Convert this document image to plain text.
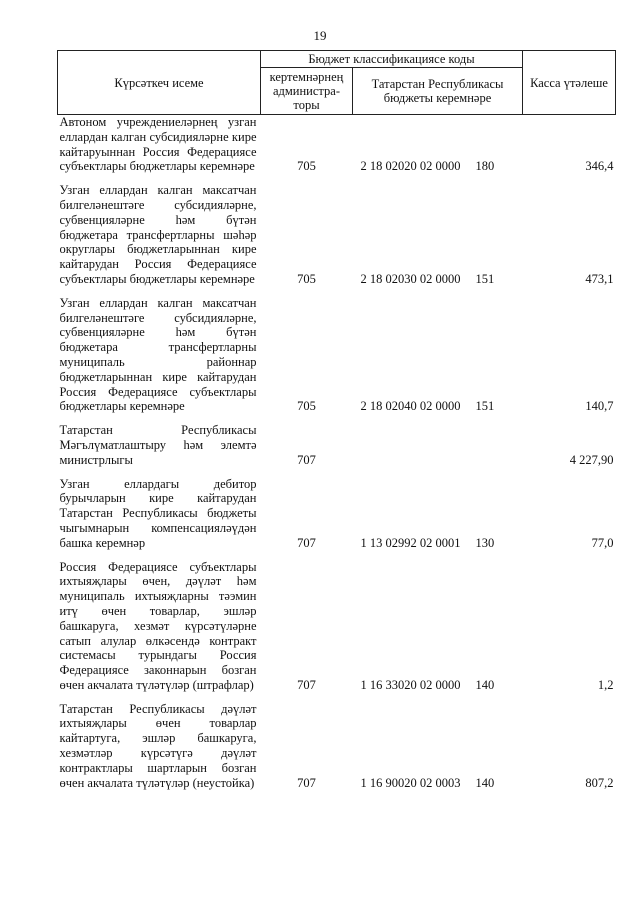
19
Күрсәткеч исеме	Бюджет классификациясе коды			Касса үтәлеше
	кертемнәрнең администра-торы	Татарстан Республикасы бюджеты керемнәре		
Автоном учреждениеләрнең узган еллардан калган субсидияләрне кире кайтаруыннан Россия Федерациясе субъектлары бюджетлары керемнәре	705	2 18 02020 02 0000	180	346,4
Узган еллардан калган максатчан билгеләнештәге субсидияләрне, субвенцияләрне һәм бүтән бюджетара трансфертларны шәһәр округлары бюджетларыннан кире кайтарудан Россия Федерациясе субъектлары бюджетлары керемнәре	705	2 18 02030 02 0000	151	473,1
Узган еллардан калган максатчан билгеләнештәге субсидияләрне, субвенцияләрне һәм бүтән бюджетара трансфертларны муниципаль районнар бюджетларыннан кире кайтарудан Россия Федерациясе субъектлары бюджетлары керемнәре	705	2 18 02040 02 0000	151	140,7
Татарстан Республикасы Мәгълүматлаштыру һәм элемтә министрлыгы	707			4 227,90
Узган еллардагы дебитор бурычларын кире кайтарудан Татарстан Республикасы бюджеты чыгымнарын компенсацияләүдән башка керемнәр	707	1 13 02992 02 0001	130	77,0
Россия Федерациясе субъектлары ихтыяҗлары өчен, дәүләт һәм муниципаль ихтыяҗларны тәэмин итү өчен товарлар, эшләр башкаруга, хезмәт күрсәтүләрне сатып алулар өлкәсендә контракт системасы турындагы Россия Федерациясе законнарын бозган өчен акчалата түләтүләр (штрафлар)	707	1 16 33020 02 0000	140	1,2
Татарстан Республикасы дәүләт ихтыяҗлары өчен товарлар кайтартуга, эшләр башкаруга, хезмәтләр күрсәтүгә дәүләт контрактлары шартларын бозган өчен акчалата түләтүләр (неустойка)	707	1 16 90020 02 0003	140	807,2
